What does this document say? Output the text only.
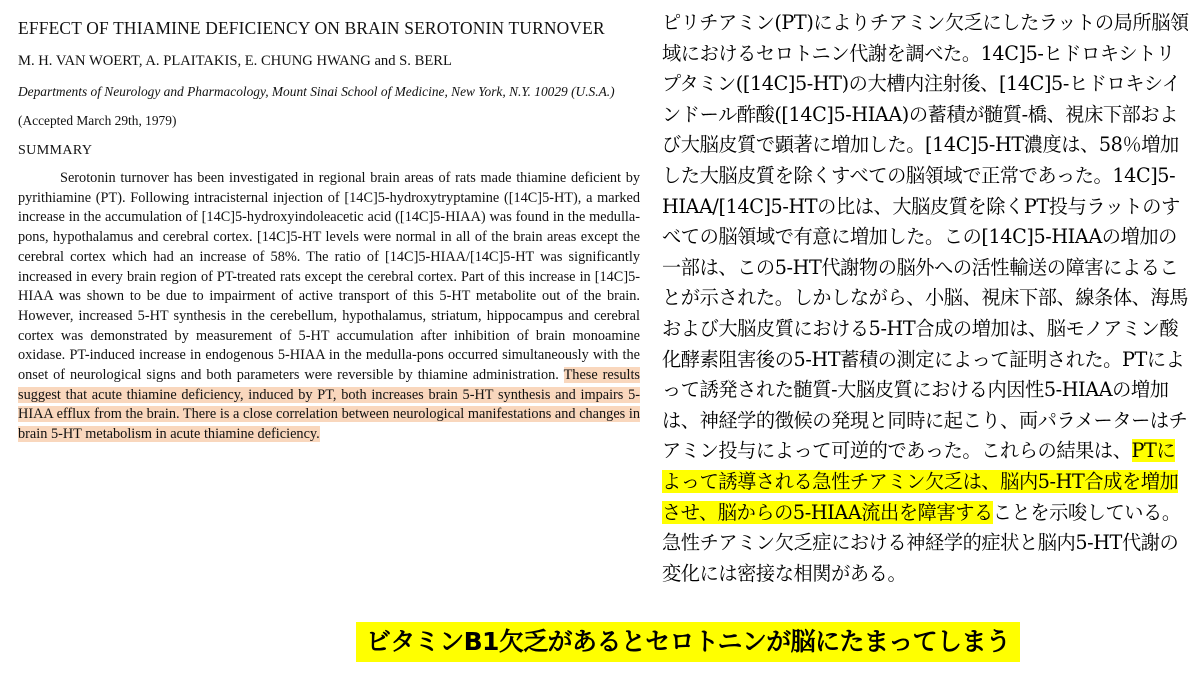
EFFECT OF THIAMINE DEFICIENCY ON BRAIN SEROTONIN TURNOVER
M. H. VAN WOERT, A. PLAITAKIS, E. CHUNG HWANG and S. BERL
Departments of Neurology and Pharmacology, Mount Sinai School of Medicine, New York, N.Y. 10029 (U.S.A.)
(Accepted March 29th, 1979)
SUMMARY
Serotonin turnover has been investigated in regional brain areas of rats made thiamine deficient by pyrithiamine (PT). Following intracisternal injection of [14C]5-hydroxytryptamine ([14C]5-HT), a marked increase in the accumulation of [14C]5-hydroxyindoleacetic acid ([14C]5-HIAA) was found in the medulla-pons, hypothalamus and cerebral cortex. [14C]5-HT levels were normal in all of the brain areas except the cerebral cortex which had an increase of 58%. The ratio of [14C]5-HIAA/[14C]5-HT was significantly increased in every brain region of PT-treated rats except the cerebral cortex. Part of this increase in [14C]5-HIAA was shown to be due to impairment of active transport of this 5-HT metabolite out of the brain. However, increased 5-HT synthesis in the cerebellum, hypothalamus, striatum, hippocampus and cerebral cortex was demonstrated by measurement of 5-HT accumulation after inhibition of brain monoamine oxidase. PT-induced increase in endogenous 5-HIAA in the medulla-pons occurred simultaneously with the onset of neurological signs and both parameters were reversible by thiamine administration. These results suggest that acute thiamine deficiency, induced by PT, both increases brain 5-HT synthesis and impairs 5-HIAA efflux from the brain. There is a close correlation between neurological manifestations and changes in brain 5-HT metabolism in acute thiamine deficiency.
ピリチアミン(PT)によりチアミン欠乏にしたラットの局所脳領域におけるセロトニン代謝を調べた。14C]5-ヒドロキシトリプタミン([14C]5-HT)の大槽内注射後、[14C]5-ヒドロキシインドール酢酸([14C]5-HIAA)の蓄積が髄質-橋、視床下部および大脳皮質で顕著に増加した。[14C]5-HT濃度は、58％増加した大脳皮質を除くすべての脳領域で正常であった。14C]5-HIAA/[14C]5-HTの比は、大脳皮質を除くPT投与ラットのすべての脳領域で有意に増加した。この[14C]5-HIAAの増加の一部は、この5-HT代謝物の脳外への活性輸送の障害によることが示された。しかしながら、小脳、視床下部、線条体、海馬および大脳皮質における5-HT合成の増加は、脳モノアミン酸化酵素阻害後の5-HT蓄積の測定によって証明された。PTによって誘発された髄質-大脳皮質における内因性5-HIAAの増加は、神経学的徴候の発現と同時に起こり、両パラメーターはチアミン投与によって可逆的であった。これらの結果は、PTによって誘導される急性チアミン欠乏は、脳内5-HT合成を増加させ、脳からの5-HIAA流出を障害することを示唆している。急性チアミン欠乏症における神経学的症状と脳内5-HT代謝の変化には密接な相関がある。
ビタミンB1欠乏があるとセロトニンが脳にたまってしまう
